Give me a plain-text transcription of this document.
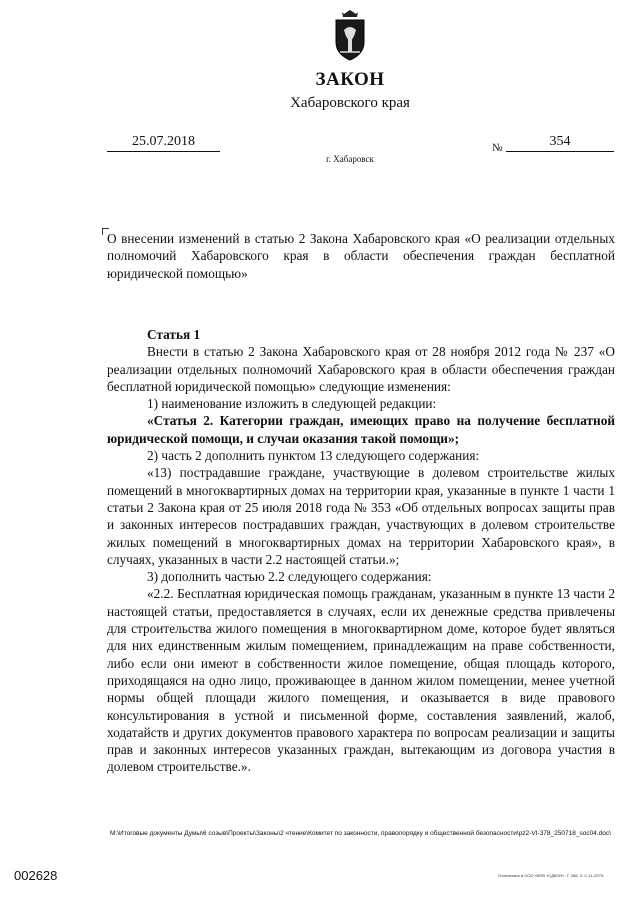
ЗАКОН
Хабаровского края
25.07.2018
г. Хабаровск
№	354
О внесении изменений в статью 2 Закона Хабаровского края «О реализации отдельных полномочий Хабаровского края в области обеспечения граждан бесплатной юридической помощью»

Статья 1

Внести в статью 2 Закона Хабаровского края от 28 ноября 2012 года № 237 «О реализации отдельных полномочий Хабаровского края в области обеспечения граждан бесплатной юридической помощью» следующие изменения:

1) наименование изложить в следующей редакции:

«Статья 2. Категории граждан, имеющих право на получение бесплатной юридической помощи, и случаи оказания такой помощи»;

2) часть 2 дополнить пунктом 13 следующего содержания:

«13) пострадавшие граждане, участвующие в долевом строительстве жилых помещений в многоквартирных домах на территории края, указанные в пункте 1 части 1 статьи 2 Закона края от 25 июля 2018 года № 353 «Об отдельных вопросах защиты прав и законных интересов пострадавших граждан, участвующих в долевом строительстве жилых помещений в многоквартирных домах на территории Хабаровского края», в случаях, указанных в части 2.2 настоящей статьи.»;

3) дополнить частью 2.2 следующего содержания:

«2.2. Бесплатная юридическая помощь гражданам, указанным в пункте 13 части 2 настоящей статьи, предоставляется в случаях, если их денежные средства привлечены для строительства жилого помещения в многоквартирном доме, которое будет являться для них единственным жилым помещением, принадлежащим на праве собственности, либо если они имеют в собственности жилое помещение, общая площадь которого, приходящаяся на одно лицо, проживающее в данном жилом помещении, менее учетной нормы общей площади жилого помещения, и оказывается в виде правового консультирования в устной и письменной форме, составления заявлений, жалоб, ходатайств и других документов правового характера по вопросам реализации и защиты прав и законных интересов указанных граждан, вытекающим из договора участия в долевом строительстве.».

M:\Итоговые документы Думы\6 созыв\Проекты\Законы\2 чтение\Комитет по законности, правопорядку и общественной безопасности\pz2-VI-378_250718_soc04.doc\
002628	Отпечатано в ООО «ВПВ «СДКОН». Т. 286. З. С-11-2079.
